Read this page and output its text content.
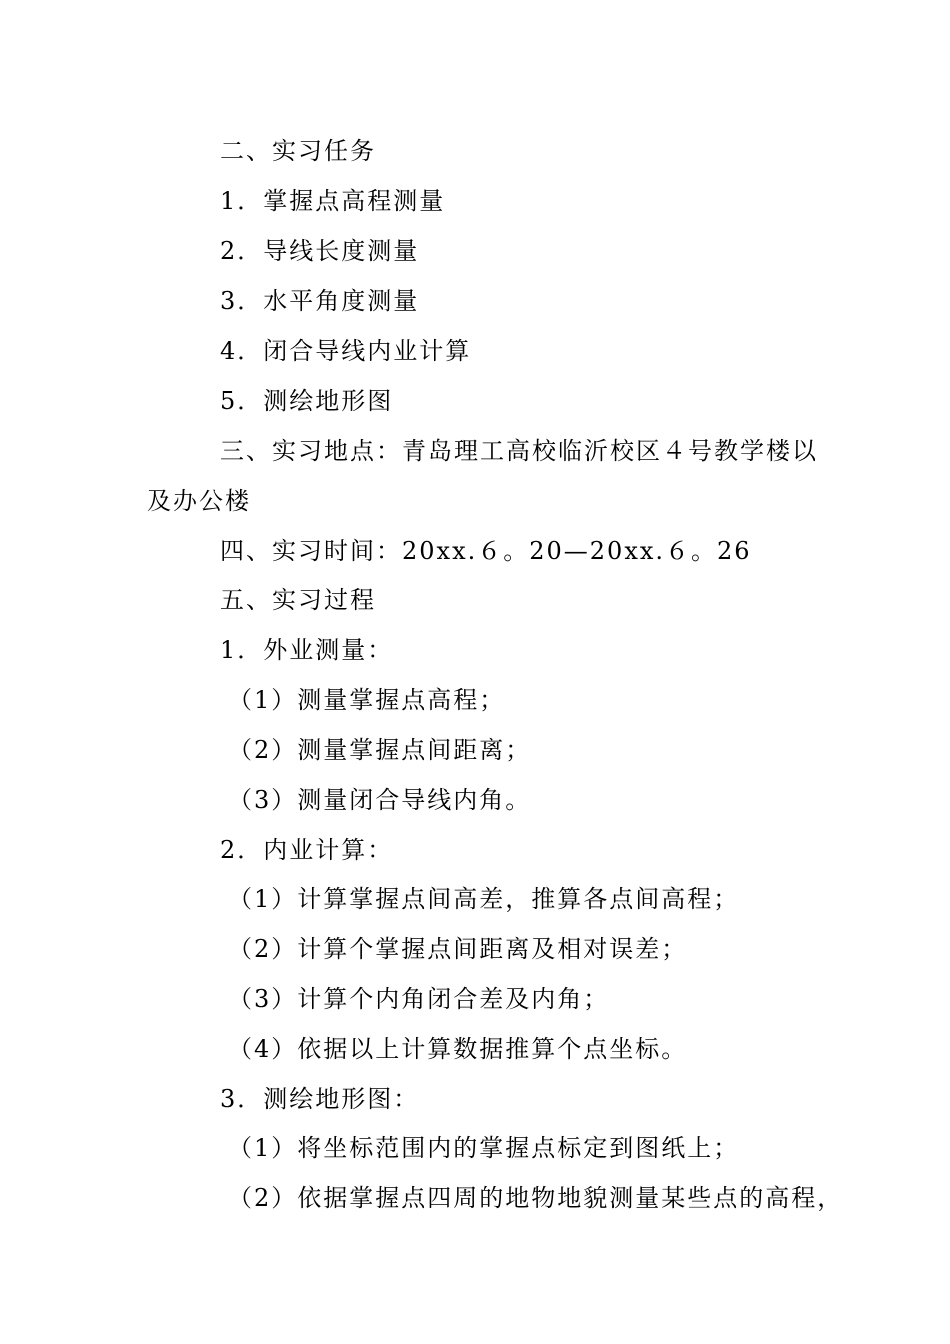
二、实习任务
1．掌握点高程测量
2．导线长度测量
3．水平角度测量
4．闭合导线内业计算
5．测绘地形图
三、实习地点：青岛理工高校临沂校区４号教学楼以
及办公楼
四、实习时间：20xx.６。20—20xx.６。26
五、实习过程
1．外业测量：
（1）测量掌握点高程；
（2）测量掌握点间距离；
（3）测量闭合导线内角。
2．内业计算：
（1）计算掌握点间高差，推算各点间高程；
（2）计算个掌握点间距离及相对误差；
（3）计算个内角闭合差及内角；
（4）依据以上计算数据推算个点坐标。
3．测绘地形图：
（1）将坐标范围内的掌握点标定到图纸上；
（2）依据掌握点四周的地物地貌测量某些点的高程，
